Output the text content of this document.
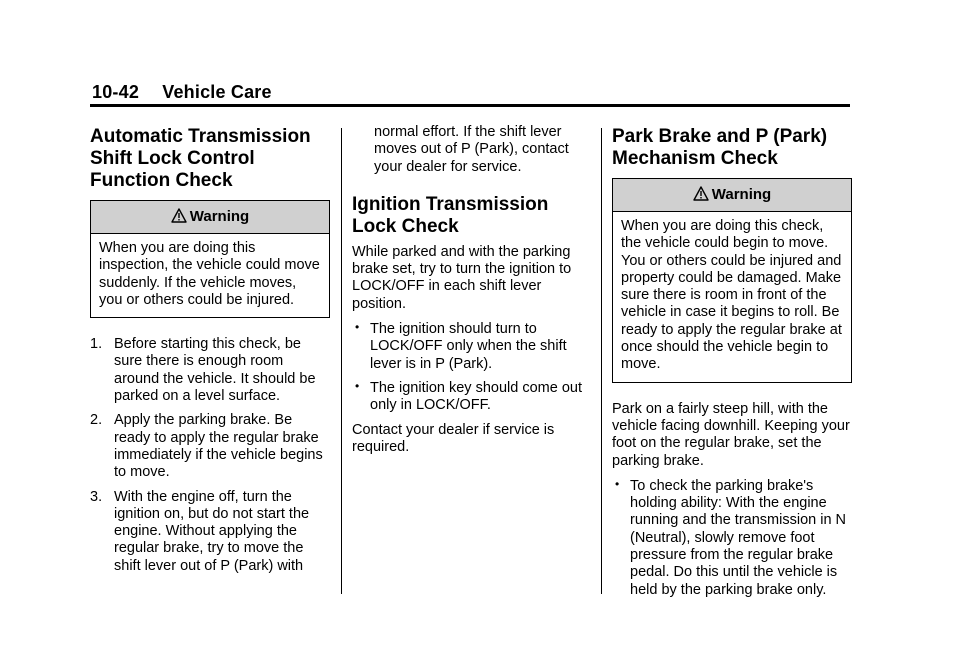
10-42 Vehicle Care
Automatic Transmission Shift Lock Control Function Check
Warning
When you are doing this inspection, the vehicle could move suddenly. If the vehicle moves, you or others could be injured.
1. Before starting this check, be sure there is enough room around the vehicle. It should be parked on a level surface.
2. Apply the parking brake. Be ready to apply the regular brake immediately if the vehicle begins to move.
3. With the engine off, turn the ignition on, but do not start the engine. Without applying the regular brake, try to move the shift lever out of P (Park) with

normal effort. If the shift lever moves out of P (Park), contact your dealer for service.

Ignition Transmission Lock Check

While parked and with the parking brake set, try to turn the ignition to LOCK/OFF in each shift lever position.

• The ignition should turn to LOCK/OFF only when the shift lever is in P (Park).
• The ignition key should come out only in LOCK/OFF.

Contact your dealer if service is required.

Park Brake and P (Park) Mechanism Check
Warning
When you are doing this check, the vehicle could begin to move. You or others could be injured and property could be damaged. Make sure there is room in front of the vehicle in case it begins to roll. Be ready to apply the regular brake at once should the vehicle begin to move.

Park on a fairly steep hill, with the vehicle facing downhill. Keeping your foot on the regular brake, set the parking brake.

• To check the parking brake's holding ability: With the engine running and the transmission in N (Neutral), slowly remove foot pressure from the regular brake pedal. Do this until the vehicle is held by the parking brake only.
